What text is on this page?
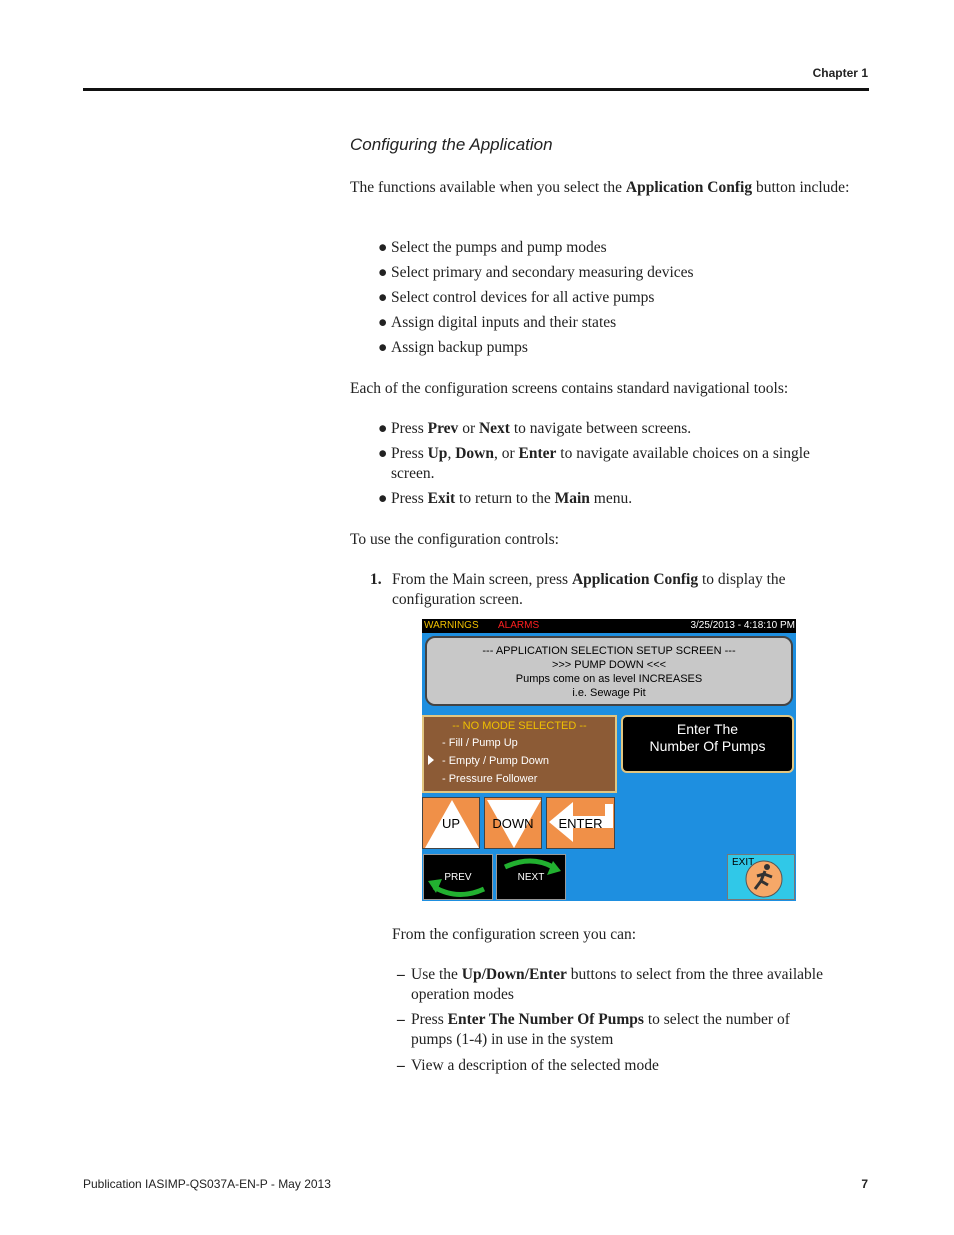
Chapter 1
Configuring the Application
The functions available when you select the Application Config button include:
● Select the pumps and pump modes
● Select primary and secondary measuring devices
● Select control devices for all active pumps
● Assign digital inputs and their states
● Assign backup pumps
Each of the configuration screens contains standard navigational tools:
● Press Prev or Next to navigate between screens.
● Press Up, Down, or Enter to navigate available choices on a single
screen.
● Press Exit to return to the Main menu.
To use the configuration controls:
1. From the Main screen, press Application Config to display the
configuration screen.
WARNINGS ALARMS	3/25/2013 - 4:18:10 PM
--- APPLICATION SELECTION SETUP SCREEN ---
>>> PUMP DOWN <<<
Pumps come on as level INCREASES
i.e. Sewage Pit
-- NO MODE SELECTED --
- Fill / Pump Up
- Empty / Pump Down
- Pressure Follower
Enter The
Number Of Pumps
UP	DOWN	ENTER
PREV	NEXT
EXIT
From the configuration screen you can:
– Use the Up/Down/Enter buttons to select from the three available
operation modes
– Press Enter The Number Of Pumps to select the number of
pumps (1-4) in use in the system
– View a description of the selected mode
Publication IASIMP-QS037A-EN-P - May 2013	7
